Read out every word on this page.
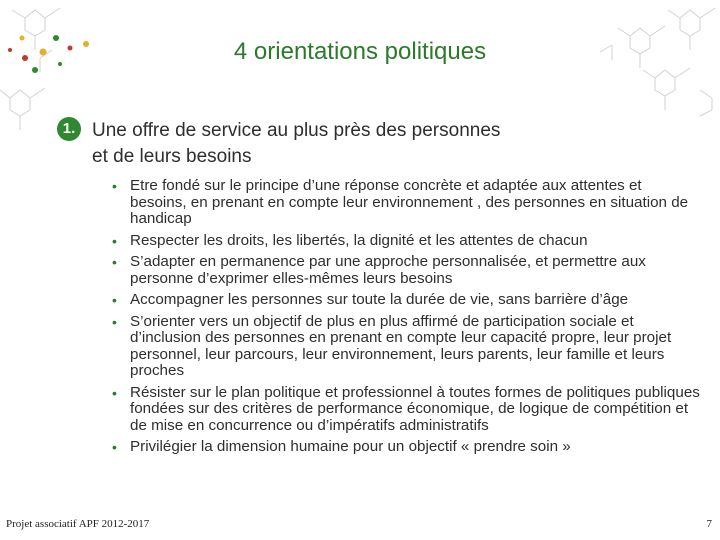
4 orientations politiques
1. Une offre de service au plus près des personnes
et de leurs besoins
• Etre fondé sur le principe d’une réponse concrète et adaptée aux attentes et besoins, en prenant en compte leur environnement , des personnes en situation de handicap
• Respecter les droits, les libertés, la dignité et les attentes de chacun
• S’adapter en permanence par une approche personnalisée, et permettre aux personne d’exprimer elles-mêmes leurs besoins
• Accompagner les personnes sur toute la durée de vie, sans barrière d’âge
• S’orienter vers un objectif de plus en plus affirmé de participation sociale et d’inclusion des personnes en prenant en compte leur capacité propre, leur projet personnel, leur parcours, leur environnement, leurs parents, leur famille et leurs proches
• Résister sur le plan politique et professionnel à toutes formes de politiques publiques fondées sur des critères de performance économique, de logique de compétition et de mise en concurrence ou d’impératifs administratifs
• Privilégier la dimension humaine pour un objectif « prendre soin »
Projet associatif APF 2012-2017	7
